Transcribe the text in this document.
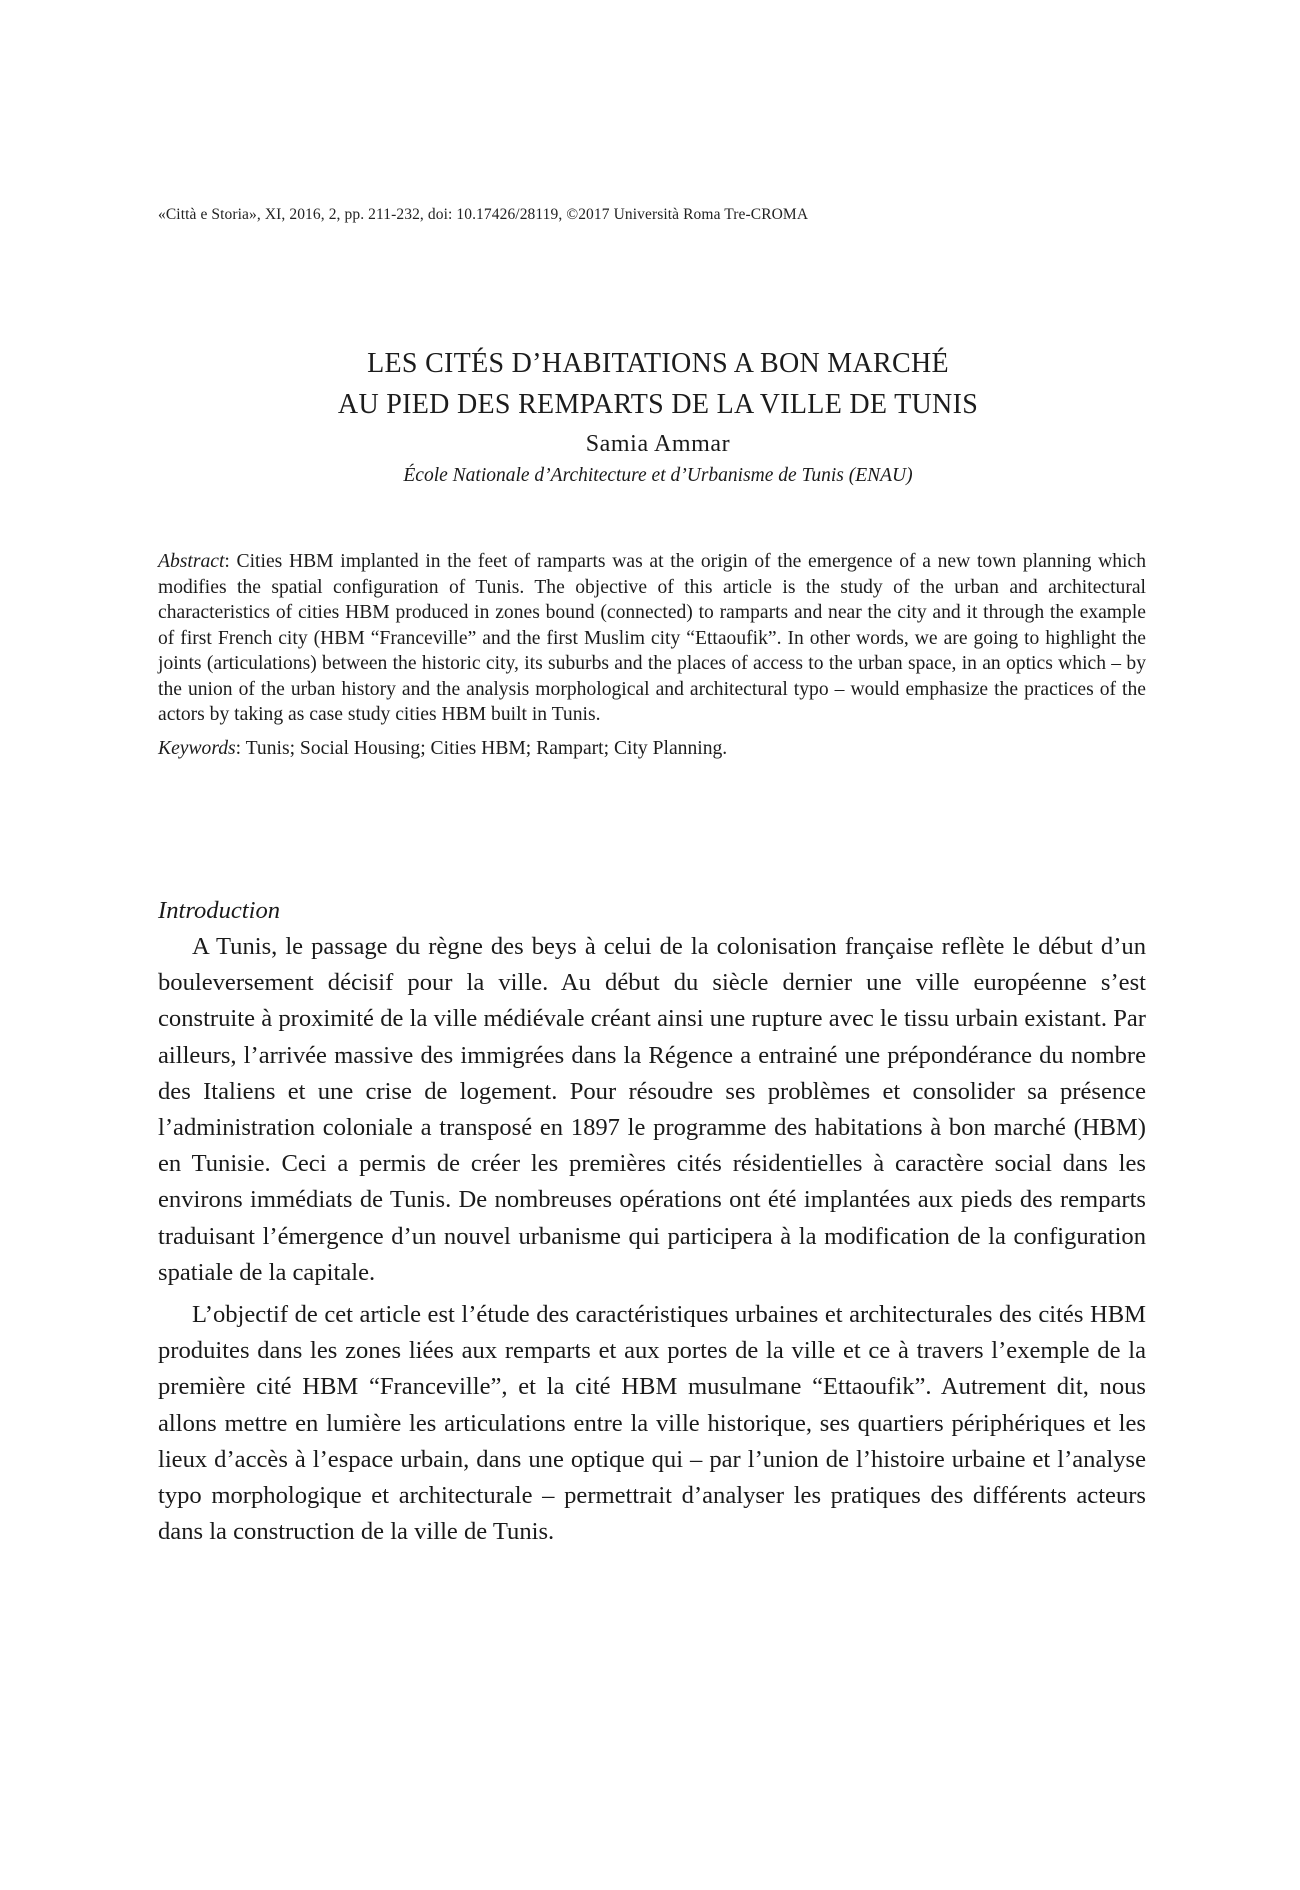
«Città e Storia», XI, 2016, 2, pp. 211-232, doi: 10.17426/28119, ©2017 Università Roma Tre-CROMA
LES CITÉS D’HABITATIONS A BON MARCHÉ
AU PIED DES REMPARTS DE LA VILLE DE TUNIS
Samia Ammar
École Nationale d’Architecture et d’Urbanisme de Tunis (ENAU)

Abstract: Cities HBM implanted in the feet of ramparts was at the origin of the emergence of a new town planning which modifies the spatial configuration of Tunis. The objective of this article is the study of the urban and architectural characteristics of cities HBM produced in zones bound (connected) to ramparts and near the city and it through the example of first French city (HBM “Franceville” and the first Muslim city “Ettaoufik”. In other words, we are going to highlight the joints (articulations) between the historic city, its suburbs and the places of access to the urban space, in an optics which – by the union of the urban history and the analysis morphological and architectural typo – would emphasize the practices of the actors by taking as case study cities HBM built in Tunis.

Keywords: Tunis; Social Housing; Cities HBM; Rampart; City Planning.

Introduction

A Tunis, le passage du règne des beys à celui de la colonisation française reflète le début d’un bouleversement décisif pour la ville. Au début du siècle dernier une ville européenne s’est construite à proximité de la ville médiévale créant ainsi une rupture avec le tissu urbain existant. Par ailleurs, l’arrivée massive des immigrées dans la Régence a entrainé une prépondérance du nombre des Italiens et une crise de logement. Pour résoudre ses problèmes et consolider sa présence l’administration coloniale a transposé en 1897 le programme des habitations à bon marché (HBM) en Tunisie. Ceci a permis de créer les premières cités résidentielles à caractère social dans les environs immédiats de Tunis. De nombreuses opérations ont été implantées aux pieds des remparts traduisant l’émergence d’un nouvel urbanisme qui participera à la modification de la configuration spatiale de la capitale.

L’objectif de cet article est l’étude des caractéristiques urbaines et architecturales des cités HBM produites dans les zones liées aux remparts et aux portes de la ville et ce à travers l’exemple de la première cité HBM “Franceville”, et la cité HBM musulmane “Ettaoufik”. Autrement dit, nous allons mettre en lumière les articulations entre la ville historique, ses quartiers périphériques et les lieux d’accès à l’espace urbain, dans une optique qui – par l’union de l’histoire urbaine et l’analyse typo morphologique et architecturale – permettrait d’analyser les pratiques des différents acteurs dans la construction de la ville de Tunis.
